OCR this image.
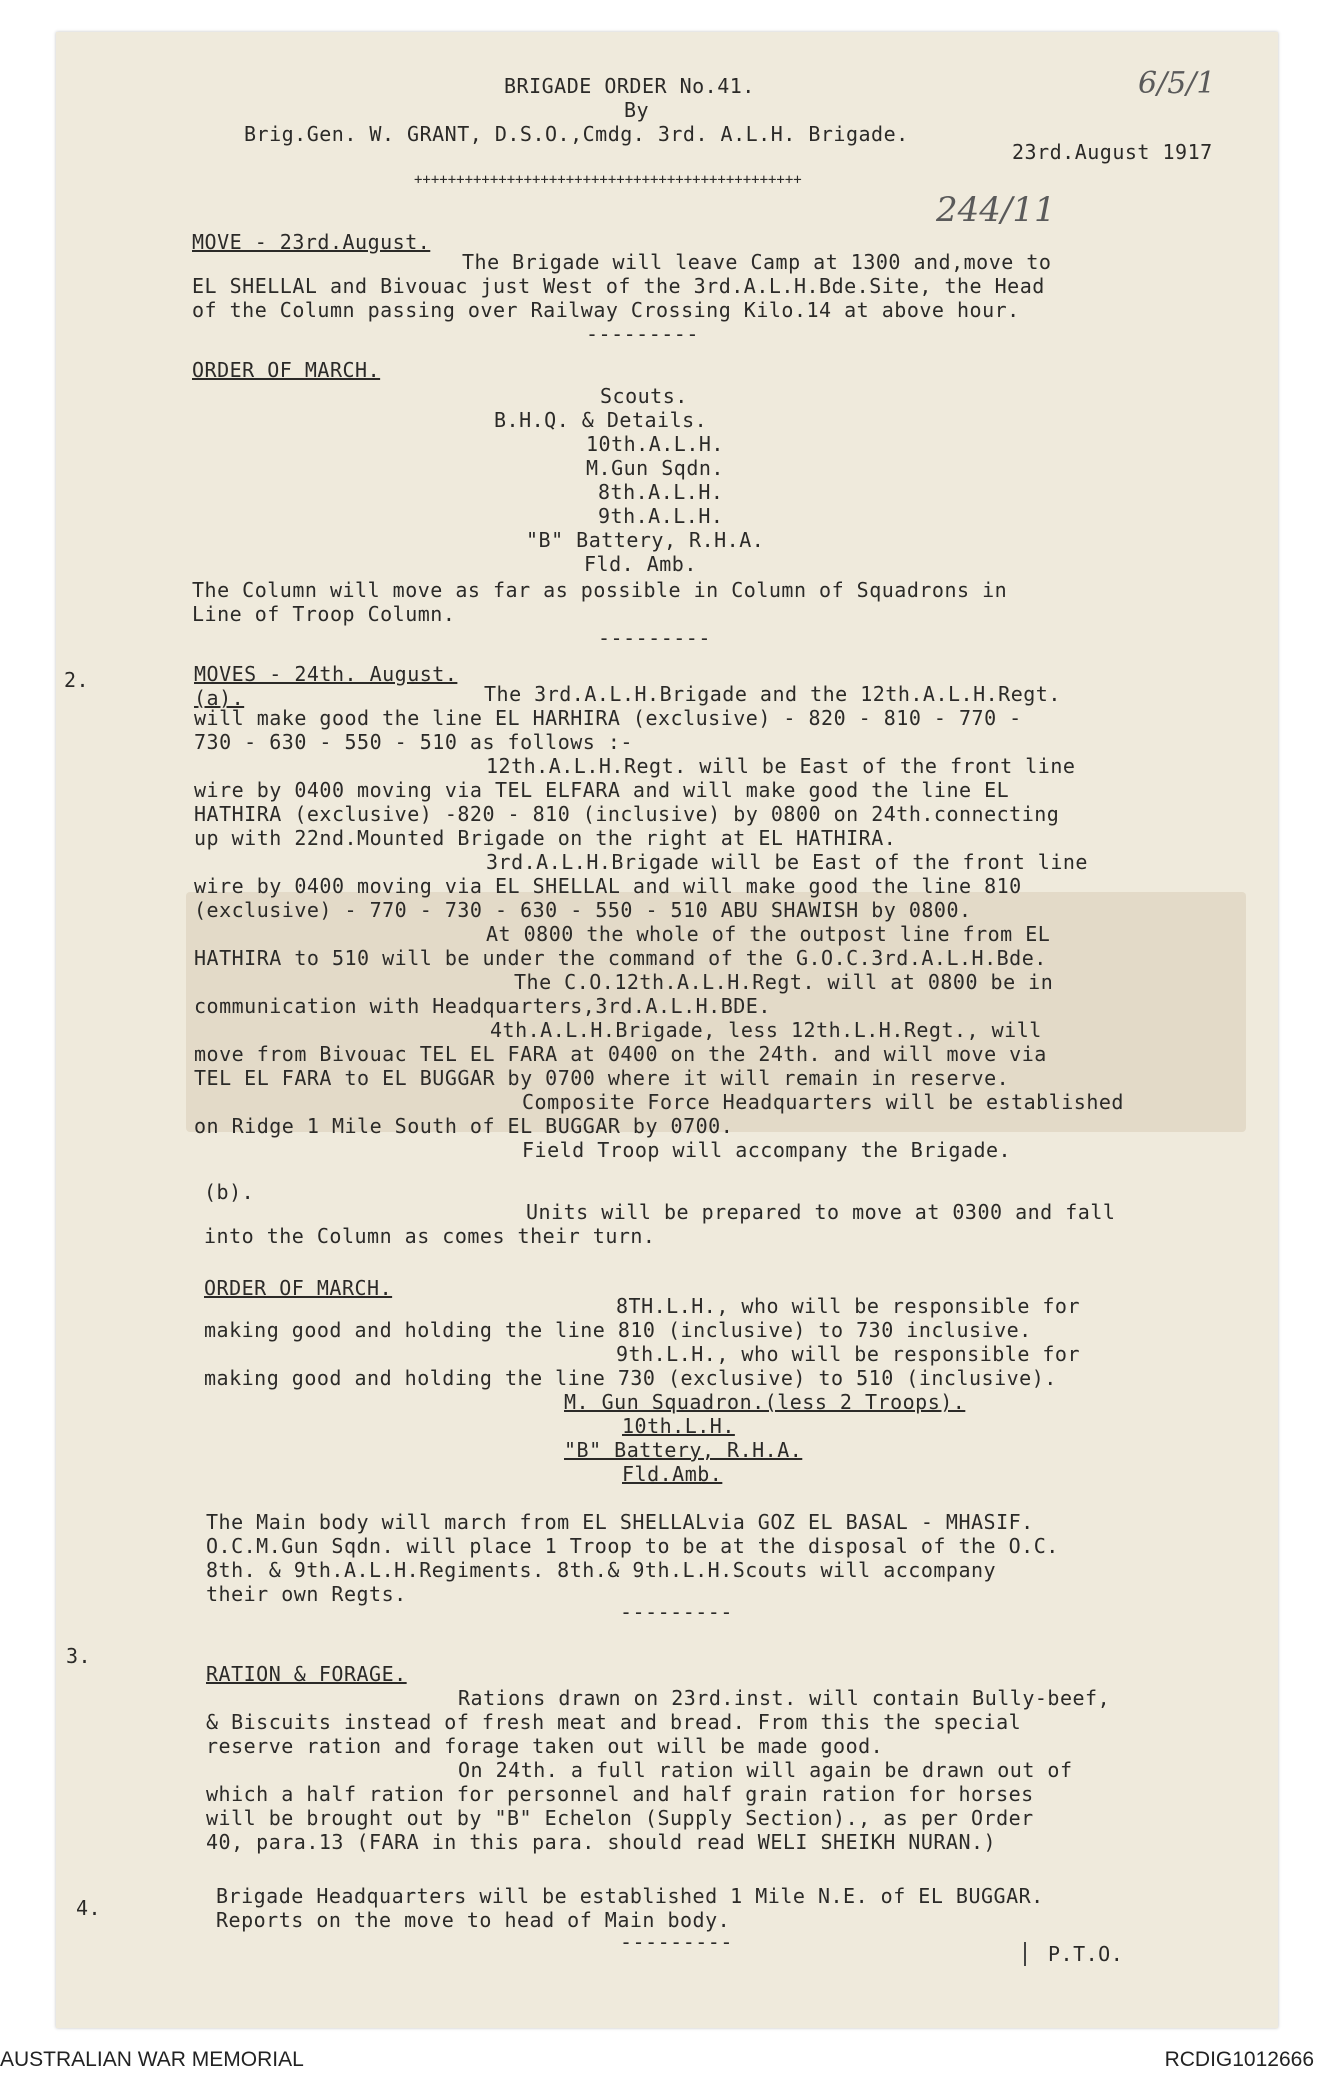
BRIGADE ORDER No.41.
By
Brig.Gen. W. GRANT, D.S.O.,Cmdg. 3rd. A.L.H. Brigade.
23rd.August 1917
++++++++++++++++++++++++++++++++++++++++++++++
6/5/1
244/11
MOVE - 23rd.August.
The Brigade will leave Camp at 1300 and,move to
EL SHELLAL and Bivouac just West of the 3rd.A.L.H.Bde.Site, the Head
of the Column passing over Railway Crossing Kilo.14 at above hour.
---------
ORDER OF MARCH.
Scouts.
B.H.Q. & Details.
10th.A.L.H.
M.Gun Sqdn.
8th.A.L.H.
9th.A.L.H.
"B" Battery, R.H.A.
Fld. Amb.
The Column will move as far as possible in Column of Squadrons in
Line of Troop Column.
---------
2.	MOVES - 24th. August.
(a).	The 3rd.A.L.H.Brigade and the 12th.A.L.H.Regt.
will make good the line EL HARHIRA (exclusive) - 820 - 810 - 770 -
730 - 630 - 550 - 510 as follows :-
12th.A.L.H.Regt. will be East of the front line
wire by 0400 moving via TEL ELFARA and will make good the line EL
HATHIRA (exclusive) -820 - 810 (inclusive) by 0800 on 24th.connecting
up with 22nd.Mounted Brigade on the right at EL HATHIRA.
3rd.A.L.H.Brigade will be East of the front line
wire by 0400 moving via EL SHELLAL and will make good the line 810
(exclusive) - 770 - 730 - 630 - 550 - 510 ABU SHAWISH by 0800.
At 0800 the whole of the outpost line from EL
HATHIRA to 510 will be under the command of the G.O.C.3rd.A.L.H.Bde.
The C.O.12th.A.L.H.Regt. will at 0800 be in
communication with Headquarters,3rd.A.L.H.BDE.
4th.A.L.H.Brigade, less 12th.L.H.Regt., will
move from Bivouac TEL EL FARA at 0400 on the 24th. and will move via
TEL EL FARA to EL BUGGAR by 0700 where it will remain in reserve.
Composite Force Headquarters will be established
on Ridge 1 Mile South of EL BUGGAR by 0700.
Field Troop will accompany the Brigade.
(b).
Units will be prepared to move at 0300 and fall
into the Column as comes their turn.
ORDER OF MARCH.
8TH.L.H., who will be responsible for
making good and holding the line 810 (inclusive) to 730 inclusive.
9th.L.H., who will be responsible for
making good and holding the line 730 (exclusive) to 510 (inclusive).
M. Gun Squadron.(less 2 Troops).
10th.L.H.
"B" Battery, R.H.A.
Fld.Amb.
The Main body will march from EL SHELLALvia GOZ EL BASAL - MHASIF.
O.C.M.Gun Sqdn. will place 1 Troop to be at the disposal of the O.C.
8th. & 9th.A.L.H.Regiments. 8th.& 9th.L.H.Scouts will accompany
their own Regts.
---------
3.
RATION & FORAGE.
Rations drawn on 23rd.inst. will contain Bully-beef,
& Biscuits instead of fresh meat and bread. From this the special
reserve ration and forage taken out will be made good.
On 24th. a full ration will again be drawn out of
which a half ration for personnel and half grain ration for horses
will be brought out by "B" Echelon (Supply Section)., as per Order
40, para.13 (FARA in this para. should read WELI SHEIKH NURAN.)
4.	Brigade Headquarters will be established 1 Mile N.E. of EL BUGGAR.
Reports on the move to head of Main body.
---------	P.T.O.
AUSTRALIAN WAR MEMORIAL	RCDIG1012666
